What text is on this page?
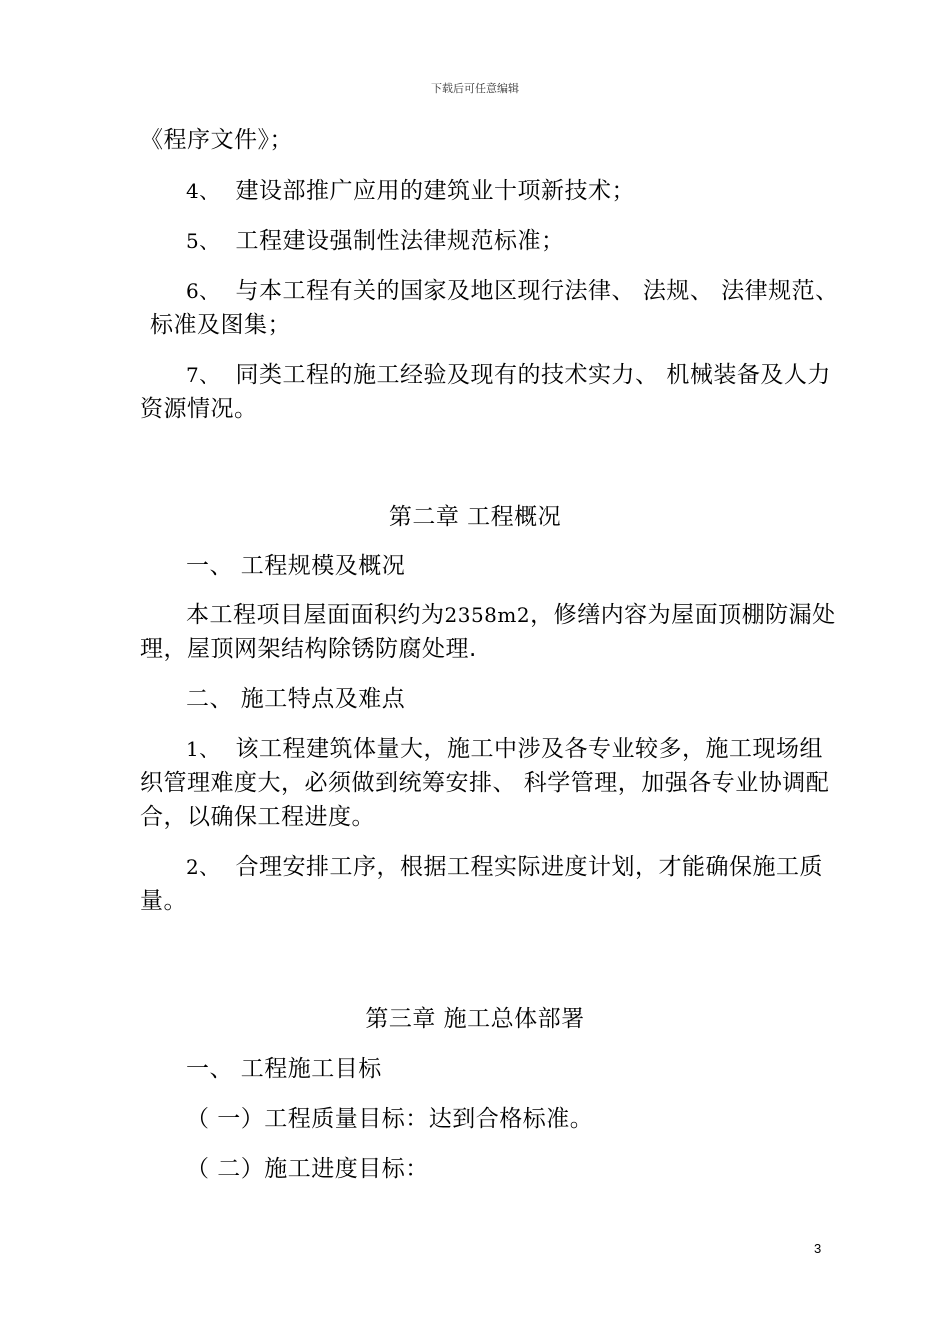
下载后可任意编辑
《程序文件》；
4、 建设部推广应用的建筑业十项新技术；
5、 工程建设强制性法律规范标准；
6、 与本工程有关的国家及地区现行法律、 法规、 法律规范、
标准及图集；
7、 同类工程的施工经验及现有的技术实力、 机械装备及人力
资源情况。
第二章 工程概况
一、 工程规模及概况
本工程项目屋面面积约为2358m2，修缮内容为屋面顶棚防漏处
理，屋顶网架结构除锈防腐处理.
二、 施工特点及难点
1、 该工程建筑体量大，施工中涉及各专业较多，施工现场组
织管理难度大，必须做到统筹安排、 科学管理，加强各专业协调配
合，以确保工程进度。
2、 合理安排工序，根据工程实际进度计划，才能确保施工质
量。
第三章 施工总体部署
一、 工程施工目标
（ 一）工程质量目标：达到合格标准。
（ 二）施工进度目标：
3
